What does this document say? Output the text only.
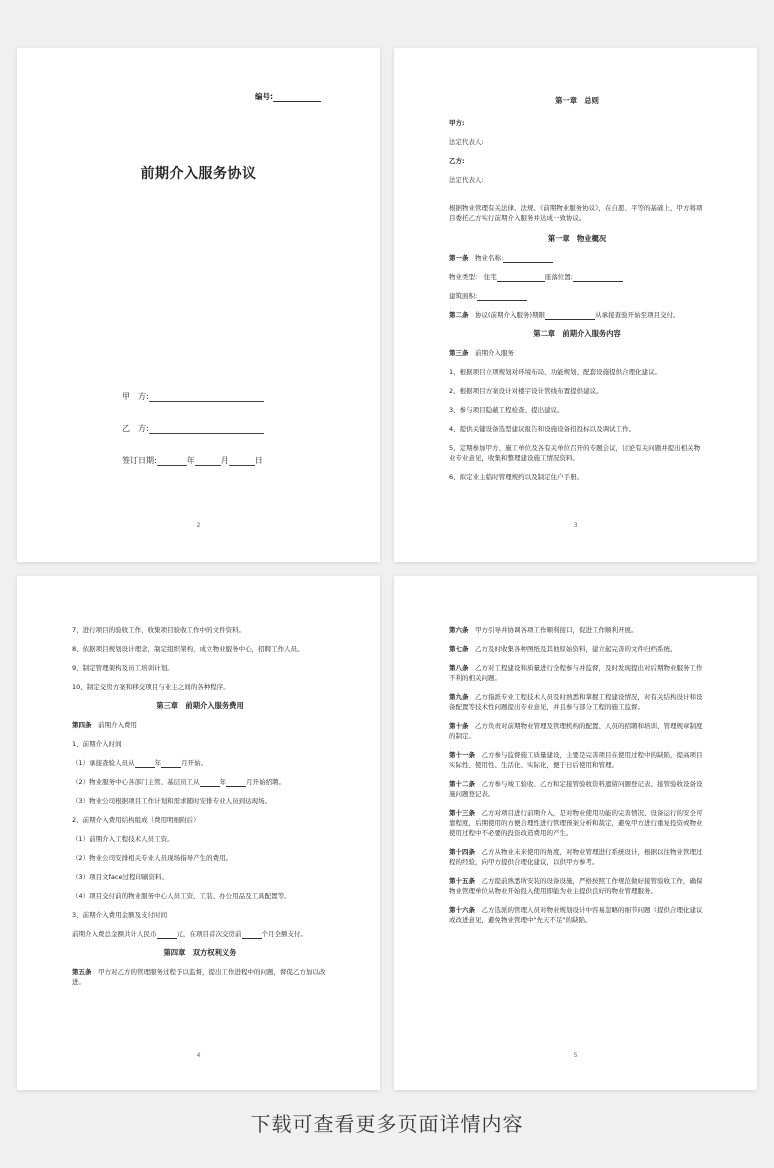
编号:
前期介入服务协议
甲　方:
乙　方:
签订日期:	年	月	日
2
第一章　总则
甲方:
法定代表人:
乙方:
法定代表人:
根据物业管理有关法律、法规、《前期物业服务协议》，在自愿、平等的基础上，甲方将项目委托乙方实行前期介入服务并达成一致协议。
第一章　物业概况
第一条　 物业名称:
物业类型:　住宅	座落位置:
建筑面积:
第二条　 协议(前期介入服务)期限	从承接查验开始至项目交付。
第二章　前期介入服务内容
第三条　 前期介入服务
1、根据项目立项规划对环境布局、功能规划、配套设施提供合理化建议。
2、根据项目方案设计对楼宇设计管线布置提供建议。
3、参与项目隐蔽工程检查、提出建议。
4、提供关键设备选型建议报告和设施设备招投标以及调试工作。
5、定期参加甲方、施工单位及各有关单位召开的专题会议，讨论有关问题并提出相关物业专业意见，收集和整理建设施工情况资料。
6、拟定业主临时管理规约以及制定住户手册。
3
7、进行项目的验收工作，收集项目验收工作中的文件资料。
8、依据项目规划设计理念，制定组织架构，成立物业服务中心，招聘工作人员。
9、制定管理架构及员工培训计划。
10、制定交房方案和移交项目与业主之间的各种程序。
第三章　前期介入服务费用
第四条　 前期介入费用
1、前期介入时间
（1）承接查验人员从	年	月开始。
（2）物业服务中心各部门主管、基层员工从	年	月开始招聘。
（3）物业公司根据项目工作计划和需求随时安排专业人员到达现场。
2、前期介入费用结构组成（费用明细附后）
（1）前期介入工程技术人员工资。
（2）物业公司安排相关专业人员现场指导产生的费用。
（3）项目文face过程印刷资料。
（4）项目交付前的物业服务中心人员工资、工装、办公用品及工具配置等。
3、前期介入费用金额及支付时间
前期介入费总金额共计人民币	元，在项目首次交房前	个月全额支付。
第四章　双方权利义务
第五条　 甲方对乙方的管理服务过程予以监督，提出工作进程中的问题，督促乙方加以改进。
4
第六条　 甲方引导并协调各项工作顺利接口，促进工作顺利开展。
第七条　 乙方及时收集各种图纸及其他原始资料，建立起完善的文件归档系统。
第八条　 乙方对工程建设和质量进行全程参与并监督，及时发现提出对后期物业服务工作不利的相关问题。
第九条　 乙方指派专业工程技术人员及时熟悉和掌握工程建设情况，对有关结构设计和设备配置等技术性问题提出专业意见，并且参与部分工程的施工监督。
第十条　 乙方负责对前期物业管理及管理机构的配置、人员的招聘和培训、管理规章制度的制定。
第十一条　 乙方参与监督施工质量建设，主要是完善项目在使用过程中的缺陷，提高项目实际性、使用性、生活化、实际化，便于日后使用和管理。
第十二条　 乙方参与竣工验收、乙方和定接管验收资料遗留问题登记表、接管验收设备设施问题登记表。
第十三条　 乙方对项目进行前期介入，是对物业使用功能的完善情况、设备运行的安全可靠程度，后期使用的方便合理性进行管理预案分析和裁定，避免甲方进行重复投资或物业使用过程中不必要的投资改造费用的产生。
第十四条　 乙方从物业未来使用的角度，对物业管理进行系统设计，根据以往物业管理过程的经验，向甲方提供合理化建议，以供甲方参考。
第十五条　 乙方提前熟悉所安装的设备设施，严格按照工作规范做好接管验收工作，确保物业管理单位从物业开始投入使用即能为业主提供良好的物业管理服务。
第十六条　 乙方选派的管理人员对物业规划设计中容易忽略的细节问题（提供合理化建议或改进意见，避免物业管理中"先天不足"的缺陷。
5
下载可查看更多页面详情内容
